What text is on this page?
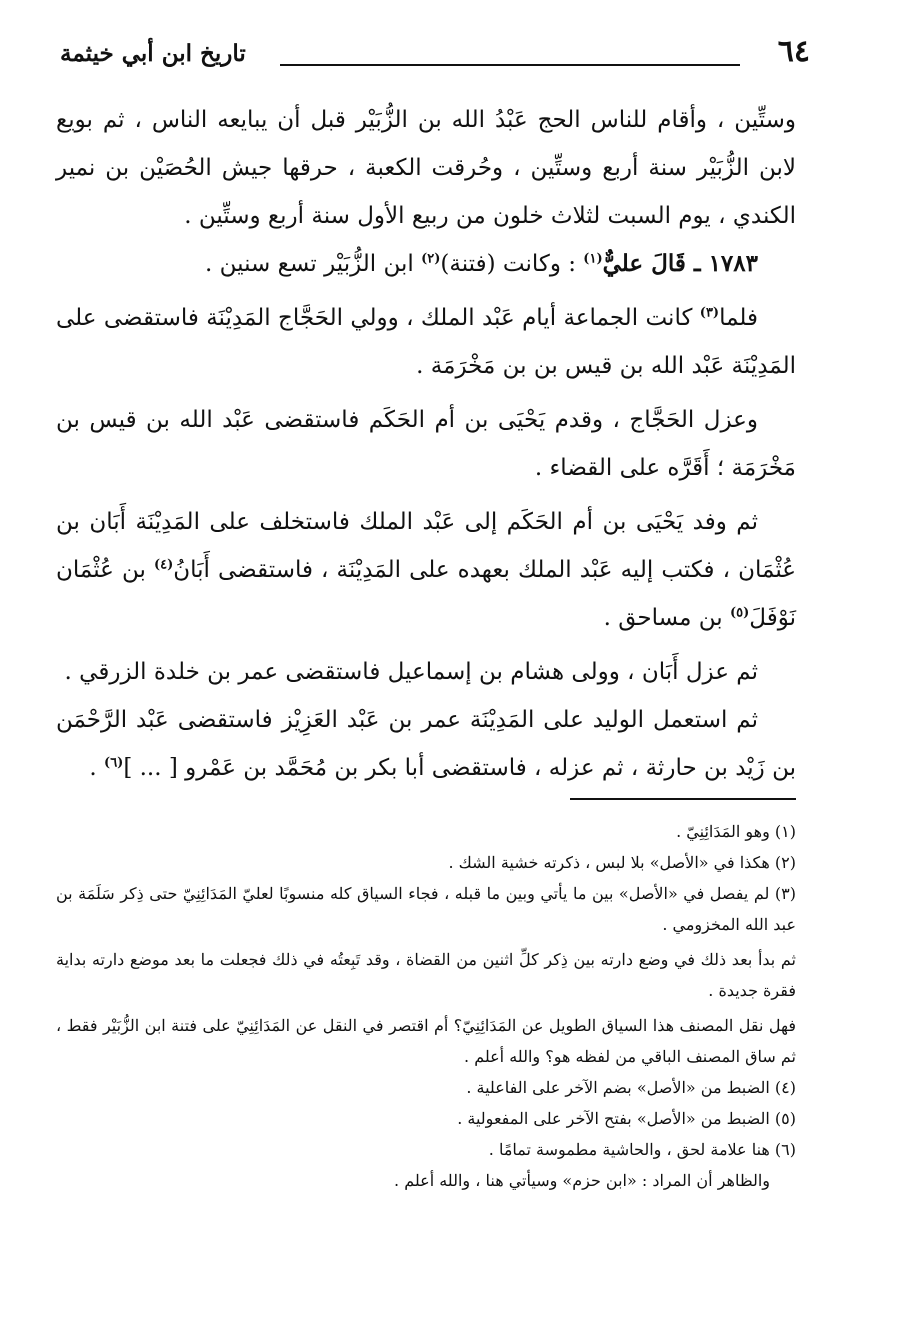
٦٤
تاريخ ابن أبي خيثمة

وستِّين ، وأقام للناس الحج عَبْدُ الله بن الزُّبَيْر قبل أن يبايعه الناس ، ثم بويع لابن الزُّبَيْر سنة أربع وستِّين ، وحُرقت الكعبة ، حرقها جيش الحُصَيْن بن نمير الكندي ، يوم السبت لثلاث خلون من ربيع الأول سنة أربع وستِّين .

١٧٨٣ ـ قَالَ عليٌّ$^{(١)}$ : وكانت (فتنة)$^{(٢)}$ ابن الزُّبَيْر تسع سنين .

فلما$^{(٣)}$ كانت الجماعة أيام عَبْد الملك ، وولي الحَجَّاج المَدِيْنَة فاستقضى على المَدِيْنَة عَبْد الله بن قيس بن بن مَخْرَمَة .

وعزل الحَجَّاج ، وقدم يَحْيَى بن أم الحَكَم فاستقضى عَبْد الله بن قيس بن مَخْرَمَة ؛ أَقَرَّه على القضاء .

ثم وفد يَحْيَى بن أم الحَكَم إلى عَبْد الملك فاستخلف على المَدِيْنَة أَبَان بن عُثْمَان ، فكتب إليه عَبْد الملك بعهده على المَدِيْنَة ، فاستقضى أَبَانُ$^{(٤)}$ بن عُثْمَان نَوْفَلَ$^{(٥)}$ بن مساحق .

ثم عزل أَبَان ، وولى هشام بن إسماعيل فاستقضى عمر بن خلدة الزرقي .

ثم استعمل الوليد على المَدِيْنَة عمر بن عَبْد العَزِيْز فاستقضى عَبْد الرَّحْمَن بن زَيْد بن حارثة ، ثم عزله ، فاستقضى أبا بكر بن مُحَمَّد بن عَمْرو [ ... ]$^{(٦)}$ .

(١) وهو المَدَائِنِيّ .

(٢) هكذا في «الأصل» بلا لبس ، ذكرته خشية الشك .

(٣) لم يفصل في «الأصل» بين ما يأتي وبين ما قبله ، فجاء السياق كله منسوبًا لعليّ المَدَائِنِيّ حتى ذِكر سَلَمَة بن عبد الله المخزومي .

ثم بدأ بعد ذلك في وضع دارته بين ذِكر كلِّ اثنين من القضاة ، وقد تَبِعتُه في ذلك فجعلت ما بعد موضع دارته بداية فقرة جديدة .

فهل نقل المصنف هذا السياق الطويل عن المَدَائِنِيّ؟ أم اقتصر في النقل عن المَدَائِنِيّ على فتنة ابن الزُّبَيْر فقط ، ثم ساق المصنف الباقي من لفظه هو؟ والله أعلم .

(٤) الضبط من «الأصل» بضم الآخر على الفاعلية .

(٥) الضبط من «الأصل» بفتح الآخر على المفعولية .

(٦) هنا علامة لحق ، والحاشية مطموسة تمامًا .

والظاهر أن المراد : «ابن حزم» وسيأتي هنا ، والله أعلم .
